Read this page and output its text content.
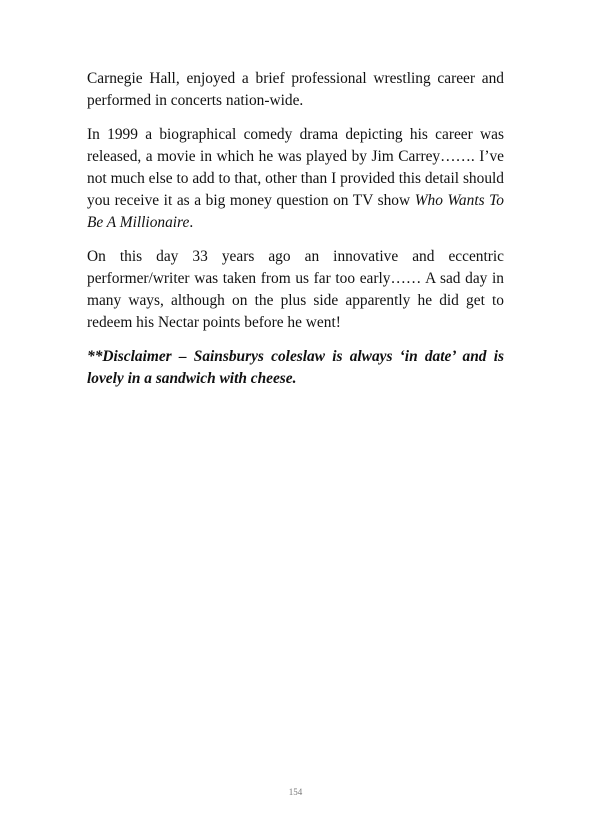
Carnegie Hall, enjoyed a brief professional wrestling career and performed in concerts nation-wide.

In 1999 a biographical comedy drama depicting his career was released, a movie in which he was played by Jim Carrey……. I’ve not much else to add to that, other than I provided this detail should you receive it as a big money question on TV show Who Wants To Be A Millionaire.

On this day 33 years ago an innovative and eccentric performer/writer was taken from us far too early…… A sad day in many ways, although on the plus side apparently he did get to redeem his Nectar points before he went!

**Disclaimer – Sainsburys coleslaw is always ‘in date’ and is lovely in a sandwich with cheese.

154
